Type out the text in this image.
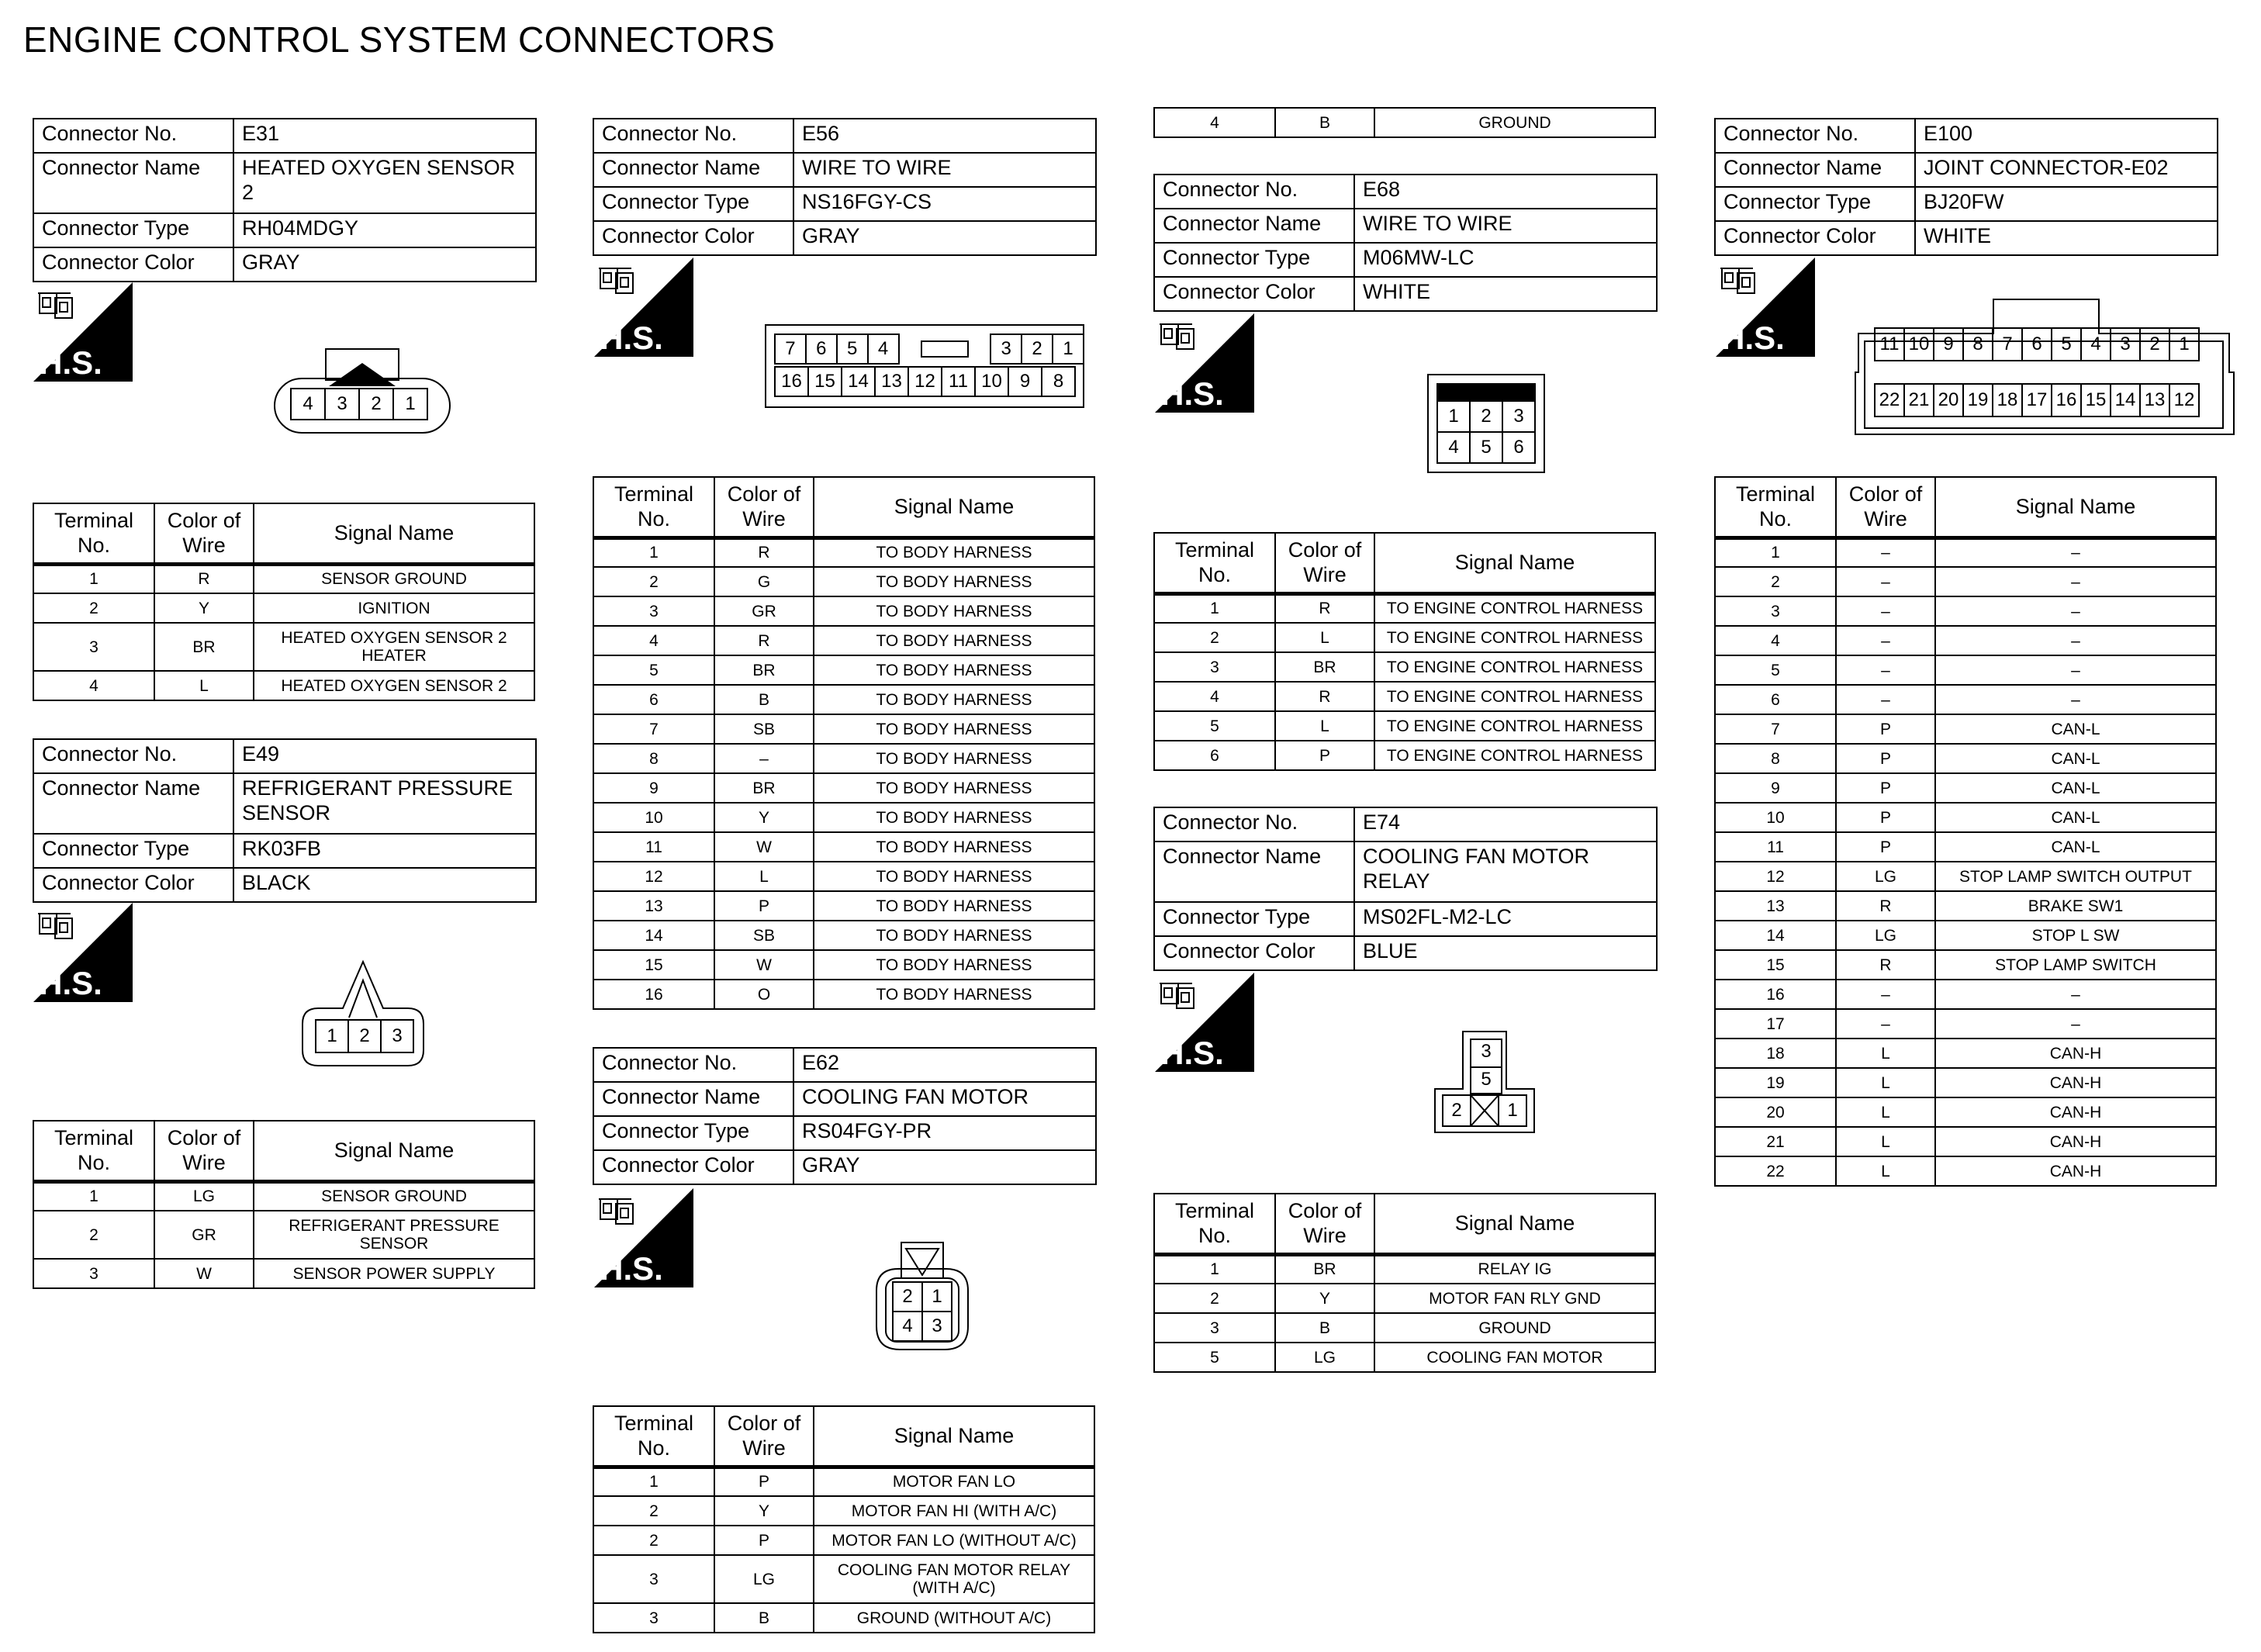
ENGINE CONTROL SYSTEM CONNECTORS
Connector No.	E31
Connector Name	HEATED OXYGEN SENSOR 2
Connector Type	RH04MDGY
Connector Color	GRAY
H.S.
4	3	2	1
Terminal No.	Color of Wire	Signal Name
1	R	SENSOR GROUND
2	Y	IGNITION
3	BR	HEATED OXYGEN SENSOR 2 HEATER
4	L	HEATED OXYGEN SENSOR 2
Connector No.	E49
Connector Name	REFRIGERANT PRESSURE SENSOR
Connector Type	RK03FB
Connector Color	BLACK
H.S.
1	2	3
Terminal No.	Color of Wire	Signal Name
1	LG	SENSOR GROUND
2	GR	REFRIGERANT PRESSURE SENSOR
3	W	SENSOR POWER SUPPLY
Connector No.	E56
Connector Name	WIRE TO WIRE
Connector Type	NS16FGY-CS
Connector Color	GRAY
H.S.	7	6	5	4		3	2	1
16	15	14	13	12	11	10	9	8
Terminal No.	Color of Wire	Signal Name
1	R	TO BODY HARNESS
2	G	TO BODY HARNESS
3	GR	TO BODY HARNESS
4	R	TO BODY HARNESS
5	BR	TO BODY HARNESS
6	B	TO BODY HARNESS
7	SB	TO BODY HARNESS
8	–	TO BODY HARNESS
9	BR	TO BODY HARNESS
10	Y	TO BODY HARNESS
11	W	TO BODY HARNESS
12	L	TO BODY HARNESS
13	P	TO BODY HARNESS
14	SB	TO BODY HARNESS
15	W	TO BODY HARNESS
16	O	TO BODY HARNESS
Connector No.	E62
Connector Name	COOLING FAN MOTOR
Connector Type	RS04FGY-PR
Connector Color	GRAY
H.S.
2	1
4	3
Terminal No.	Color of Wire	Signal Name
1	P	MOTOR FAN LO
2	Y	MOTOR FAN HI (WITH A/C)
2	P	MOTOR FAN LO (WITHOUT A/C)
3	LG	COOLING FAN MOTOR RELAY (WITH A/C)
3	B	GROUND (WITHOUT A/C)
4	B	GROUND
Connector No.	E68
Connector Name	WIRE TO WIRE
Connector Type	M06MW-LC
Connector Color	WHITE
H.S.
1	2	3
4	5	6
Terminal No.	Color of Wire	Signal Name
1	R	TO ENGINE CONTROL HARNESS
2	L	TO ENGINE CONTROL HARNESS
3	BR	TO ENGINE CONTROL HARNESS
4	R	TO ENGINE CONTROL HARNESS
5	L	TO ENGINE CONTROL HARNESS
6	P	TO ENGINE CONTROL HARNESS
Connector No.	E74
Connector Name	COOLING FAN MOTOR RELAY
Connector Type	MS02FL-M2-LC
Connector Color	BLUE
H.S.	3
5
2	1
Terminal No.	Color of Wire	Signal Name
1	BR	RELAY IG
2	Y	MOTOR FAN RLY GND
3	B	GROUND
5	LG	COOLING FAN MOTOR
Connector No.	E100
Connector Name	JOINT CONNECTOR-E02
Connector Type	BJ20FW
Connector Color	WHITE
H.S.	11	10	9	8	7	6	5	4	3	2	1
22	21	20	19	18	17	16	15	14	13	12
Terminal No.	Color of Wire	Signal Name
1	–	–
2	–	–
3	–	–
4	–	–
5	–	–
6	–	–
7	P	CAN-L
8	P	CAN-L
9	P	CAN-L
10	P	CAN-L
11	P	CAN-L
12	LG	STOP LAMP SWITCH OUTPUT
13	R	BRAKE SW1
14	LG	STOP L SW
15	R	STOP LAMP SWITCH
16	–	–
17	–	–
18	L	CAN-H
19	L	CAN-H
20	L	CAN-H
21	L	CAN-H
22	L	CAN-H
